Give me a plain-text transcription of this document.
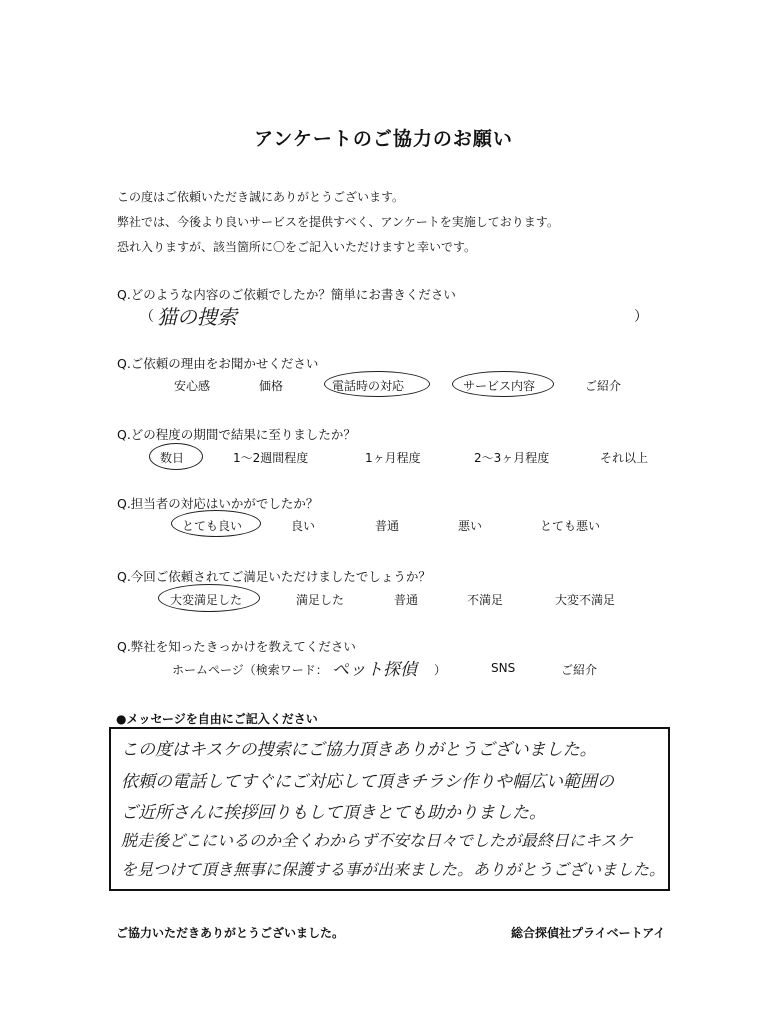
アンケートのご協力のお願い
この度はご依頼いただき誠にありがとうございます。
弊社では、今後より良いサービスを提供すべく、アンケートを実施しております。
恐れ入りますが、該当箇所に〇をご記入いただけますと幸いです。
Q.どのような内容のご依頼でしたか？簡単にお書きください
（ 猫の捜索	）
Q.ご依頼の理由をお聞かせください
安心感	価格	電話時の対応	サービス内容	ご紹介
Q.どの程度の期間で結果に至りましたか？
数日	1～2週間程度	1ヶ月程度	2～3ヶ月程度	それ以上
Q.担当者の対応はいかがでしたか？
とても良い	良い	普通	悪い	とても悪い
Q.今回ご依頼されてご満足いただけましたでしょうか？
大変満足した	満足した	普通	不満足	大変不満足
Q.弊社を知ったきっかけを教えてください
ホームページ（検索ワード： ペット探偵 ）	SNS	ご紹介
●メッセージを自由にご記入ください
この度はキスケの捜索にご協力頂きありがとうございました。
依頼の電話してすぐにご対応して頂きチラシ作りや幅広い範囲の
ご近所さんに挨拶回りもして頂きとても助かりました。
脱走後どこにいるのか全くわからず不安な日々でしたが最終日にキスケ
を見つけて頂き無事に保護する事が出来ました。ありがとうございました。
ご協力いただきありがとうございました。	総合探偵社プライベートアイ
